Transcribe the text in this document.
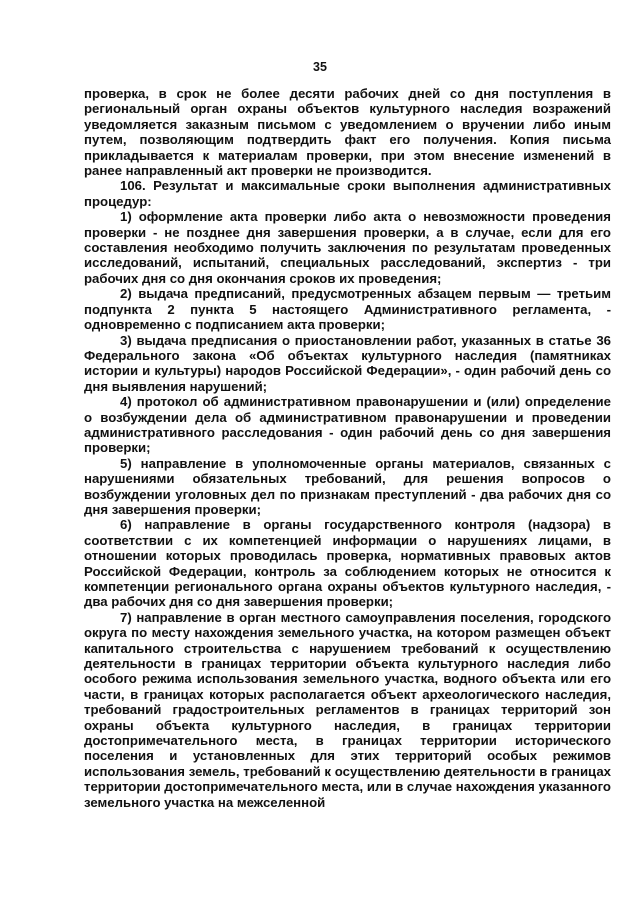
35

проверка, в срок не более десяти рабочих дней со дня поступления в региональный орган охраны объектов культурного наследия возражений уведомляется заказным письмом с уведомлением о вручении либо иным путем, позволяющим подтвердить факт его получения. Копия письма прикладывается к материалам проверки, при этом внесение изменений в ранее направленный акт проверки не производится.

106. Результат и максимальные сроки выполнения административных процедур:

1) оформление акта проверки либо акта о невозможности проведения проверки - не позднее дня завершения проверки, а в случае, если для его составления необходимо получить заключения по результатам проведенных исследований, испытаний, специальных расследований, экспертиз - три рабочих дня со дня окончания сроков их проведения;

2) выдача предписаний, предусмотренных абзацем первым — третьим подпункта 2 пункта 5 настоящего Административного регламента, - одновременно с подписанием акта проверки;

3) выдача предписания о приостановлении работ, указанных в статье 36 Федерального закона «Об объектах культурного наследия (памятниках истории и культуры) народов Российской Федерации», - один рабочий день со дня выявления нарушений;

4) протокол об административном правонарушении и (или) определение о возбуждении дела об административном правонарушении и проведении административного расследования - один рабочий день со дня завершения проверки;

5) направление в уполномоченные органы материалов, связанных с нарушениями обязательных требований, для решения вопросов о возбуждении уголовных дел по признакам преступлений - два рабочих дня со дня завершения проверки;

6) направление в органы государственного контроля (надзора) в соответствии с их компетенцией информации о нарушениях лицами, в отношении которых проводилась проверка, нормативных правовых актов Российской Федерации, контроль за соблюдением которых не относится к компетенции регионального органа охраны объектов культурного наследия, - два рабочих дня со дня завершения проверки;

7) направление в орган местного самоуправления поселения, городского округа по месту нахождения земельного участка, на котором размещен объект капитального строительства с нарушением требований к осуществлению деятельности в границах территории объекта культурного наследия либо особого режима использования земельного участка, водного объекта или его части, в границах которых располагается объект археологического наследия, требований градостроительных регламентов в границах территорий зон охраны объекта культурного наследия, в границах территории достопримечательного места, в границах территории исторического поселения и установленных для этих территорий особых режимов использования земель, требований к осуществлению деятельности в границах территории достопримечательного места, или в случае нахождения указанного земельного участка на межселенной
